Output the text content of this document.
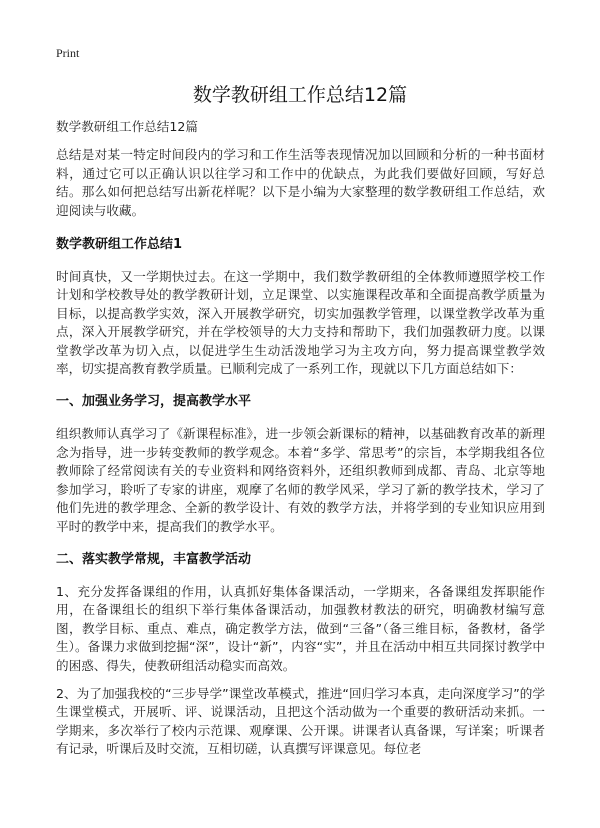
Print
数学教研组工作总结12篇

数学教研组工作总结12篇

总结是对某一特定时间段内的学习和工作生活等表现情况加以回顾和分析的一种书面材料，通过它可以正确认识以往学习和工作中的优缺点，为此我们要做好回顾，写好总结。那么如何把总结写出新花样呢？以下是小编为大家整理的数学教研组工作总结，欢迎阅读与收藏。

数学教研组工作总结1

时间真快，又一学期快过去。在这一学期中，我们数学教研组的全体教师遵照学校工作计划和学校教导处的教学教研计划，立足课堂、以实施课程改革和全面提高教学质量为目标，以提高教学实效，深入开展教学研究，切实加强教学管理，以课堂教学改革为重点，深入开展教学研究，并在学校领导的大力支持和帮助下，我们加强教研力度。以课堂教学改革为切入点，以促进学生生动活泼地学习为主攻方向，努力提高课堂教学效率，切实提高教育教学质量。已顺利完成了一系列工作，现就以下几方面总结如下：

一、加强业务学习，提高教学水平

组织教师认真学习了《新课程标准》，进一步领会新课标的精神，以基础教育改革的新理念为指导，进一步转变教师的教学观念。本着“多学、常思考”的宗旨，本学期我组各位教师除了经常阅读有关的专业资料和网络资料外，还组织教师到成都、青岛、北京等地参加学习，聆听了专家的讲座，观摩了名师的教学风采，学习了新的教学技术，学习了他们先进的教学理念、全新的教学设计、有效的教学方法，并将学到的专业知识应用到平时的教学中来，提高我们的教学水平。

二、落实教学常规，丰富教学活动

1、充分发挥备课组的作用，认真抓好集体备课活动，一学期来，各备课组发挥职能作用，在备课组长的组织下举行集体备课活动，加强教材教法的研究，明确教材编写意图，教学目标、重点、难点，确定教学方法，做到“三备”（备三维目标，备教材，备学生）。备课力求做到挖掘“深”，设计“新”，内容“实”，并且在活动中相互共同探讨教学中的困惑、得失，使教研组活动稳实而高效。

2、为了加强我校的“三步导学”课堂改革模式，推进“回归学习本真，走向深度学习”的学生课堂模式，开展听、评、说课活动，且把这个活动做为一个重要的教研活动来抓。一学期来，多次举行了校内示范课、观摩课、公开课。讲课者认真备课，写详案；听课者有记录，听课后及时交流，互相切磋，认真撰写评课意见。每位老
